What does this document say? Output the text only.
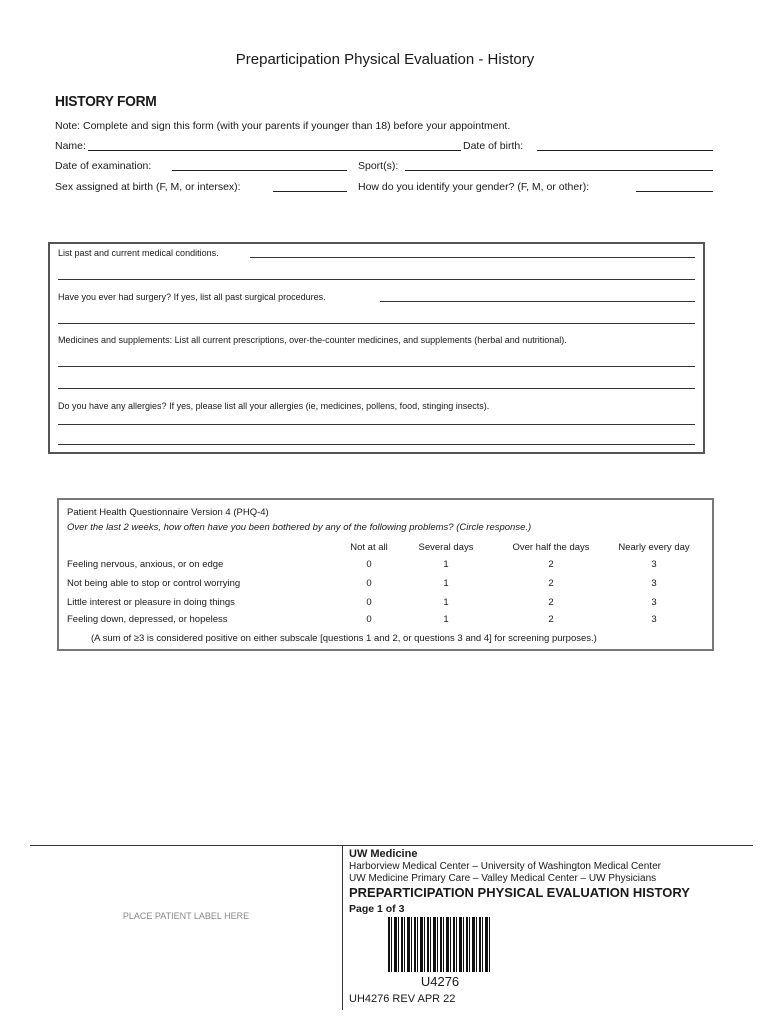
Preparticipation Physical Evaluation - History
HISTORY FORM
Note: Complete and sign this form (with your parents if younger than 18) before your appointment.
Name:	Date of birth:
Date of examination:	Sport(s):
Sex assigned at birth (F, M, or intersex):	How do you identify your gender? (F, M, or other):
List past and current medical conditions.
Have you ever had surgery? If yes, list all past surgical procedures.
Medicines and supplements: List all current prescriptions, over-the-counter medicines, and supplements (herbal and nutritional).
Do you have any allergies? If yes, please list all your allergies (ie, medicines, pollens, food, stinging insects).
Patient Health Questionnaire Version 4 (PHQ-4)
Over the last 2 weeks, how often have you been bothered by any of the following problems? (Circle response.)
Not at all	Several days	Over half the days	Nearly every day
Feeling nervous, anxious, or on edge	0	1	2	3
Not being able to stop or control worrying	0	1	2	3
Little interest or pleasure in doing things	0	1	2	3
Feeling down, depressed, or hopeless	0	1	2	3
(A sum of ≥3 is considered positive on either subscale [questions 1 and 2, or questions 3 and 4] for screening purposes.)
PLACE PATIENT LABEL HERE
UW Medicine
Harborview Medical Center – University of Washington Medical Center
UW Medicine Primary Care – Valley Medical Center – UW Physicians
PREPARTICIPATION PHYSICAL EVALUATION HISTORY
Page 1 of 3
U4276
UH4276 REV APR 22
